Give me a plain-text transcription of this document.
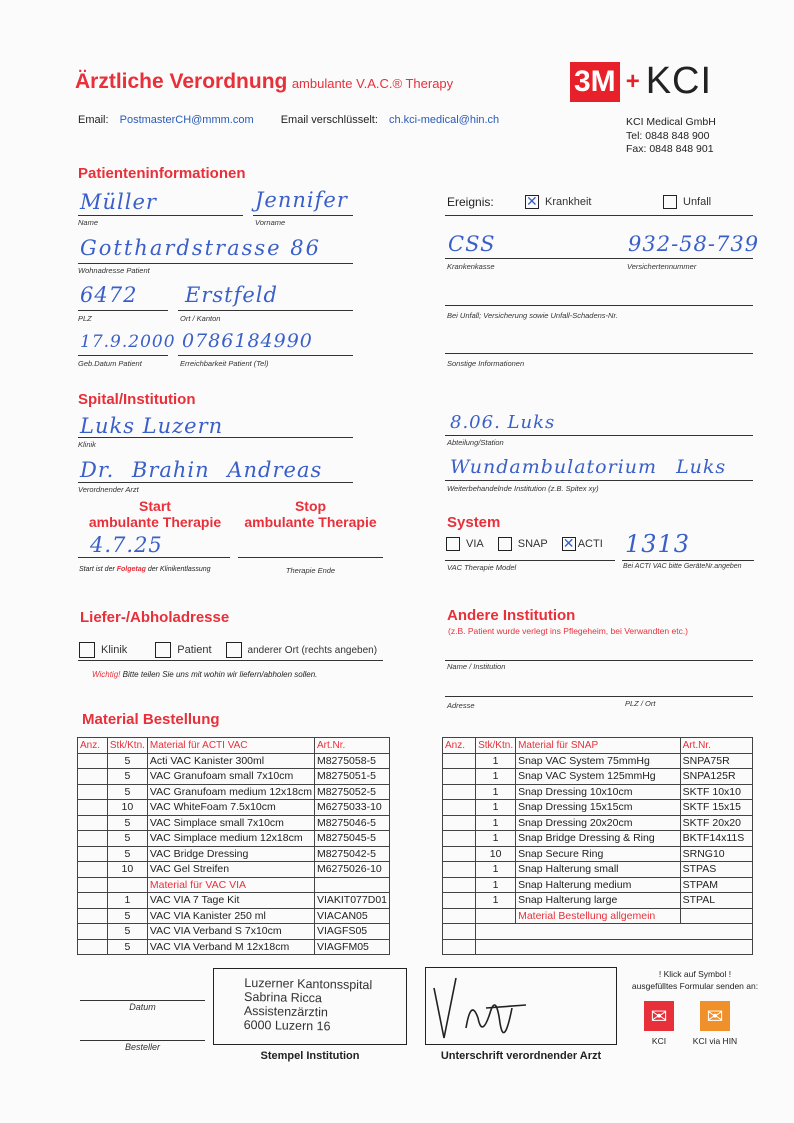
Ärztliche Verordnung ambulante V.A.C.® Therapy	3M + KCI
Email: PostmasterCH@mmm.com Email verschlüsselt: ch.kci-medical@hin.ch	KCI Medical GmbH
Tel: 0848 848 900
Fax: 0848 848 901
Patienteninformationen
Müller	Jennifer
Name	Vorname
Gotthardstrasse 86
Wohnadresse Patient
6472 Erstfeld
PLZ	Ort / Kanton
17.9.2000 0786184990
Geb.Datum Patient	Erreichbarkeit Patient (Tel)
Ereignis: ✕	Krankheit	Unfall
CSS	932-58-739
Krankenkasse	Versichertennummer
Bei Unfall; Versicherung sowie Unfall-Schadens-Nr.
Sonstige Informationen
Spital/Institution
Luks Luzern
Klinik
Dr. Brahin Andreas
Verordnender Arzt
8.06. Luks
Abteilung/Station
Wundambulatorium Luks
Weiterbehandelnde Institution (z.B. Spitex xy)
Start
ambulante Therapie
Stop
ambulante Therapie
4.7.25
Start ist der Folgetag der Klinikentlassung	Therapie Ende
System
VIA	SNAP ✕	ACTI 1313
VAC Therapie Model	Bei ACTI VAC bitte GeräteNr.angeben
Liefer-/Abholadresse
Klinik	Patient	anderer Ort (rechts angeben)
Wichtig! Bitte teilen Sie uns mit wohin wir liefern/abholen sollen.
Andere Institution
(z.B. Patient wurde verlegt ins Pflegeheim, bei Verwandten etc.)
Name / Institution
Adresse	PLZ / Ort
Material Bestellung
Anz.	Stk/Ktn.	Material für ACTI VAC	Art.Nr.
	5	Acti VAC Kanister 300ml	M8275058-5
	5	VAC Granufoam small 7x10cm	M8275051-5
	5	VAC Granufoam medium 12x18cm	M8275052-5
	10	VAC WhiteFoam 7.5x10cm	M6275033-10
	5	VAC Simplace small 7x10cm	M8275046-5
	5	VAC Simplace medium 12x18cm	M8275045-5
	5	VAC Bridge Dressing	M8275042-5
	10	VAC Gel Streifen	M6275026-10
		Material für VAC VIA	
	1	VAC VIA 7 Tage Kit	VIAKIT077D01
	5	VAC VIA Kanister 250 ml	VIACAN05
	5	VAC VIA Verband S 7x10cm	VIAGFS05
	5	VAC VIA Verband M 12x18cm	VIAGFM05
Anz.	Stk/Ktn.	Material für SNAP	Art.Nr.
	1	Snap VAC System 75mmHg	SNPA75R
	1	Snap VAC System 125mmHg	SNPA125R
	1	Snap Dressing 10x10cm	SKTF 10x10
	1	Snap Dressing 15x15cm	SKTF 15x15
	1	Snap Dressing 20x20cm	SKTF 20x20
	1	Snap Bridge Dressing & Ring	BKTF14x11S
	10	Snap Secure Ring	SRNG10
	1	Snap Halterung small	STPAS
	1	Snap Halterung medium	STPAM
	1	Snap Halterung large	STPAL
		Material Bestellung allgemein	

Datum
Besteller
Luzerner Kantonsspital
Sabrina Ricca
Assistenzärztin
6000 Luzern 16
Stempel Institution	Unterschrift verordnender Arzt
! Klick auf Symbol !
ausgefülltes Formular senden an:
✉	✉
KCI	KCI via HIN
